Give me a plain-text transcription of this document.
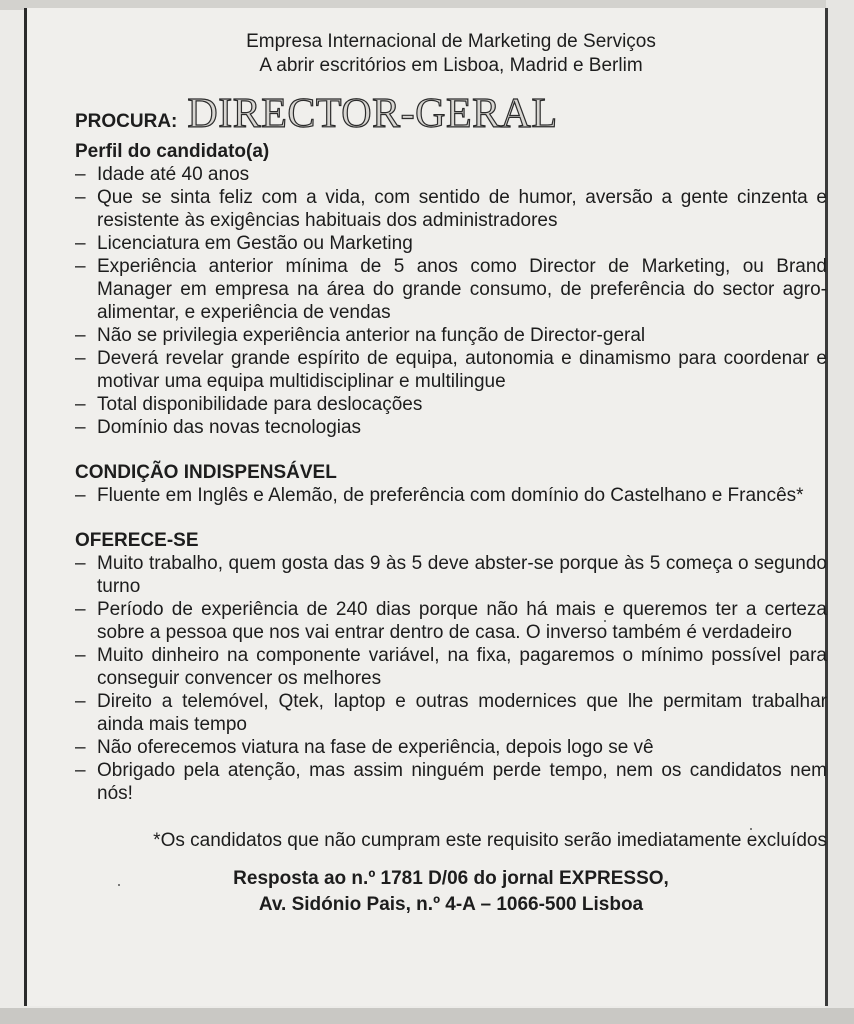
Empresa Internacional de Marketing de Serviços
A abrir escritórios em Lisboa, Madrid e Berlim
PROCURA: DIRECTOR-GERAL
Perfil do candidato(a)
– Idade até 40 anos
– Que se sinta feliz com a vida, com sentido de humor, aversão a gente cinzenta e resistente às exigências habituais dos administradores
– Licenciatura em Gestão ou Marketing
– Experiência anterior mínima de 5 anos como Director de Marketing, ou Brand Manager em empresa na área do grande consumo, de preferência do sector agro-alimentar, e experiência de vendas
– Não se privilegia experiência anterior na função de Director-geral
– Deverá revelar grande espírito de equipa, autonomia e dinamismo para coordenar e motivar uma equipa multidisciplinar e multilingue
– Total disponibilidade para deslocações
– Domínio das novas tecnologias
CONDIÇÃO INDISPENSÁVEL
– Fluente em Inglês e Alemão, de preferência com domínio do Castelhano e Francês*
OFERECE-SE
– Muito trabalho, quem gosta das 9 às 5 deve abster-se porque às 5 começa o segundo turno
– Período de experiência de 240 dias porque não há mais e queremos ter a certeza sobre a pessoa que nos vai entrar dentro de casa. O inverso também é verdadeiro
– Muito dinheiro na componente variável, na fixa, pagaremos o mínimo possível para conseguir convencer os melhores
– Direito a telemóvel, Qtek, laptop e outras modernices que lhe permitam trabalhar ainda mais tempo
– Não oferecemos viatura na fase de experiência, depois logo se vê
– Obrigado pela atenção, mas assim ninguém perde tempo, nem os candidatos nem nós!
*Os candidatos que não cumpram este requisito serão imediatamente excluídos
Resposta ao n.º 1781 D/06 do jornal EXPRESSO,
Av. Sidónio Pais, n.º 4-A – 1066-500 Lisboa
